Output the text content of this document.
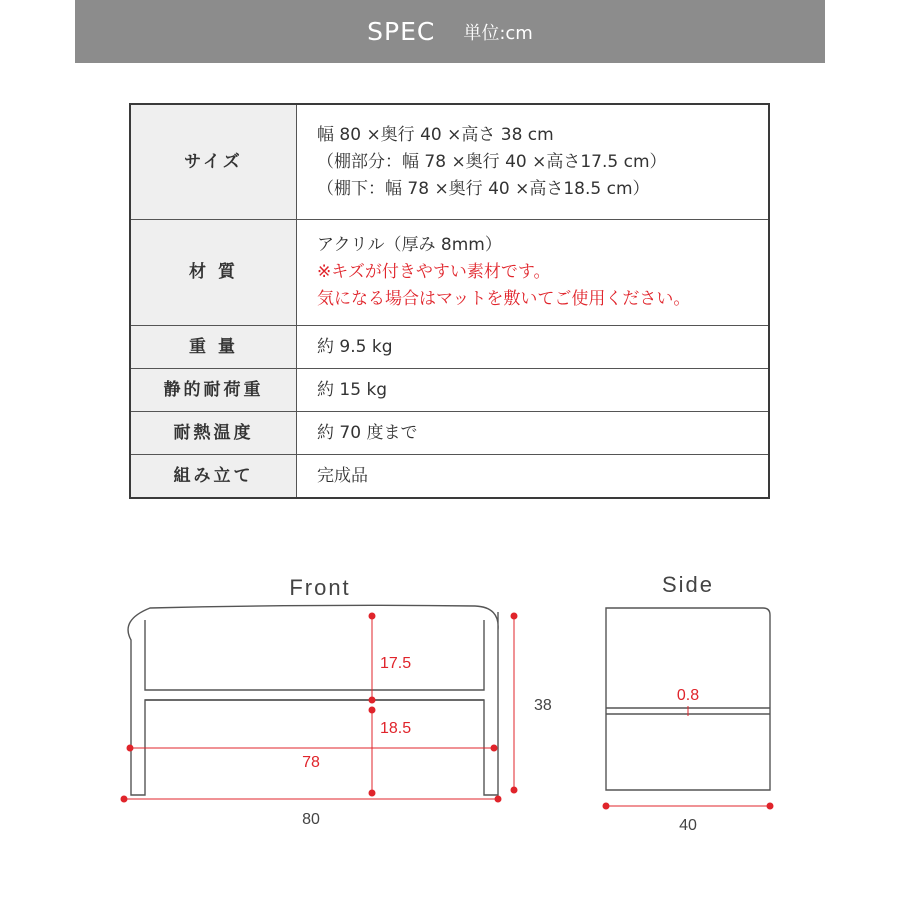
SPEC 単位:cm
サイズ	幅 80 ×奥行 40 ×高さ 38 cm
（棚部分：幅 78 ×奥行 40 ×高さ17.5 cm）
（棚下：幅 78 ×奥行 40 ×高さ18.5 cm）

材 質	アクリル（厚み 8mm）
※キズが付きやすい素材です。
気になる場合はマットを敷いてご使用ください。

重 量	約 9.5 kg
静的耐荷重	約 15 kg
耐熱温度	約 70 度まで
組み立て	完成品
Front
17.5
18.5
78
38
80
Side
0.8
40
